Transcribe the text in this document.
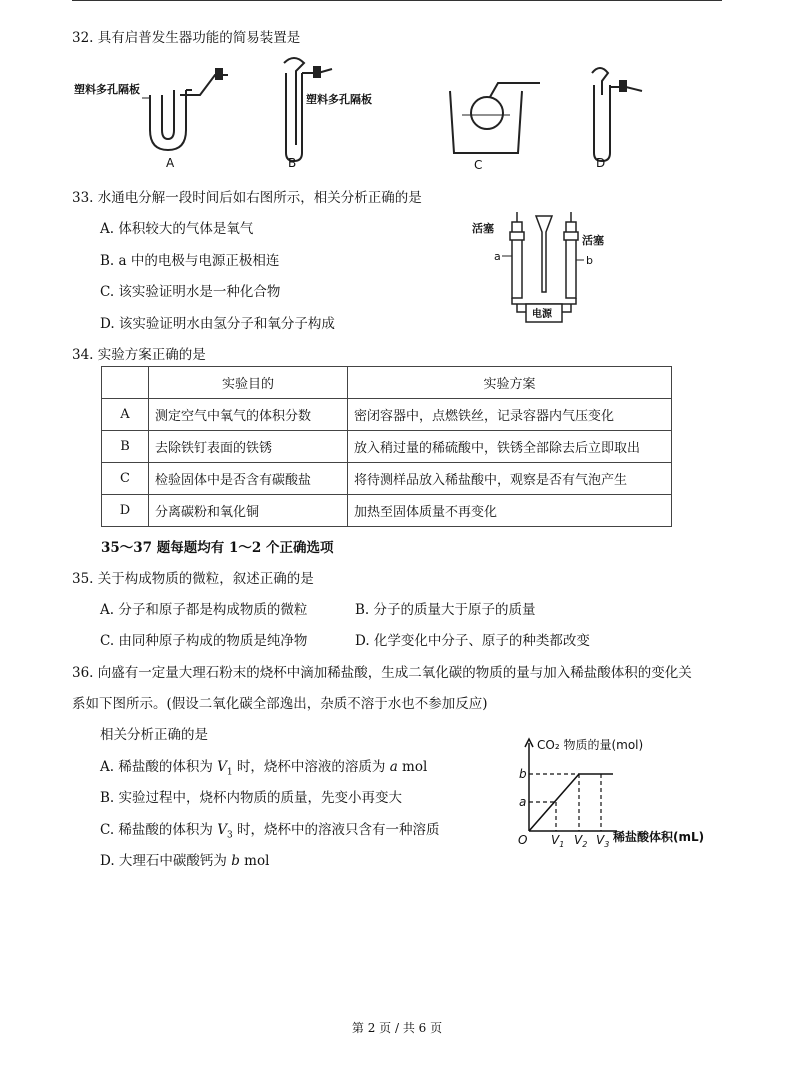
32. 具有启普发生器功能的简易装置是
塑料多孔隔板
A
塑料多孔隔板
B	C	D
33. 水通电分解一段时间后如右图所示，相关分析正确的是
A. 体积较大的气体是氧气
B. a 中的电极与电源正极相连
C. 该实验证明水是一种化合物
D. 该实验证明水由氢分子和氧分子构成
活塞
活塞
a	b
电源
34. 实验方案正确的是
	实验目的	实验方案
A	测定空气中氧气的体积分数	密闭容器中，点燃铁丝，记录容器内气压变化
B	去除铁钉表面的铁锈	放入稍过量的稀硫酸中，铁锈全部除去后立即取出
C	检验固体中是否含有碳酸盐	将待测样品放入稀盐酸中，观察是否有气泡产生
D	分离碳粉和氧化铜	加热至固体质量不再变化
35～37 题每题均有 1～2 个正确选项
35. 关于构成物质的微粒，叙述正确的是
A. 分子和原子都是构成物质的微粒	B. 分子的质量大于原子的质量
C. 由同种原子构成的物质是纯净物	D. 化学变化中分子、原子的种类都改变
36. 向盛有一定量大理石粉末的烧杯中滴加稀盐酸，生成二氧化碳的物质的量与加入稀盐酸体积的变化关
系如下图所示。(假设二氧化碳全部逸出，杂质不溶于水也不参加反应)
相关分析正确的是
A. 稀盐酸的体积为 $V_1$ 时，烧杯中溶液的溶质为 a mol
B. 实验过程中，烧杯内物质的质量，先变小再变大
C. 稀盐酸的体积为 $V_3$ 时，烧杯中的溶液只含有一种溶质
D. 大理石中碳酸钙为 b mol
CO₂ 物质的量(mol)
稀盐酸体积(mL)
O $V_1$ $V_2$ $V_3$
a
b
第 2 页 / 共 6 页
